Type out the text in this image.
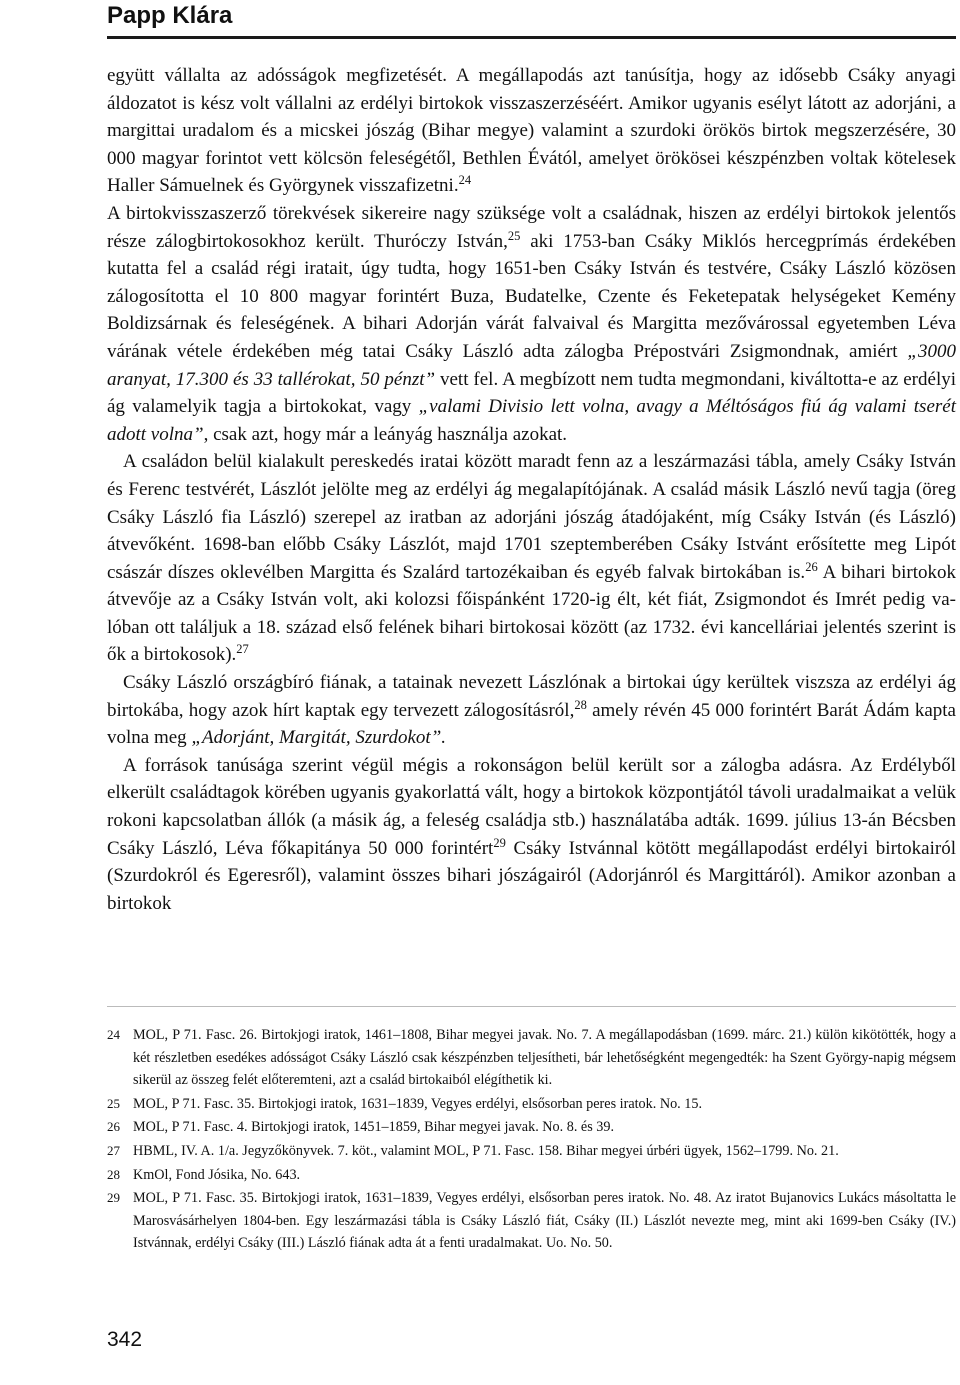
Papp Klára

együtt vállalta az adósságok megfizetését. A megállapodás azt tanúsítja, hogy az idősebb Csáky anyagi áldozatot is kész volt vállalni az erdélyi birtokok visszaszerzéséért. Amikor ugyanis esélyt látott az adorjáni, a margittai uradalom és a micskei jószág (Bihar megye) valamint a szurdoki örökös birtok megszerzésére, 30 000 magyar forintot vett kölcsön feleségétől, Bethlen Évától, amelyet örökösei készpénzben voltak kötelesek Haller Sámuelnek és Györgynek visszafizetni.$^{24}$

A birtokvisszaszerző törekvések sikereire nagy szüksége volt a családnak, hiszen az erdélyi birtokok jelentős része zálogbirtokosokhoz került. Thuróczy István,$^{25}$ aki 1753-ban Csáky Miklós hercegprímás érdekében kutatta fel a család régi iratait, úgy tudta, hogy 1651-ben Csáky István és testvére, Csáky László közösen zálogosította el 10 800 magyar forintért Buza, Budatelke, Czente és Feketepatak helységeket Kemény Boldizsárnak és feleségének. A bihari Adorján várát falvaival és Margitta mezővárossal egyetemben Léva várának vétele érdekében még tatai Csáky László adta zálogba Prépostvári Zsigmondnak, amiért „3000 aranyat, 17.300 és 33 tallérokat, 50 pénzt” vett fel. A megbízott nem tudta megmondani, kiváltotta-e az erdélyi ág valamelyik tagja a birtokokat, vagy „valami Divisio lett volna, avagy a Méltóságos fiú ág valami tserét adott volna”, csak azt, hogy már a leányág használja azokat.

A családon belül kialakult pereskedés iratai között maradt fenn az a leszármazási tábla, amely Csáky István és Ferenc testvérét, Lászlót jelölte meg az erdélyi ág megalapítójának. A család másik László nevű tagja (öreg Csáky László fia László) szerepel az iratban az adorjáni jószág átadójaként, míg Csáky István (és László) átvevőként. 1698-ban előbb Csáky Lászlót, majd 1701 szeptemberében Csáky Istvánt erősítette meg Lipót császár díszes oklevélben Margitta és Szalárd tartozékaiban és egyéb falvak birtokában is.$^{26}$ A bihari birtokok átvevője az a Csáky István volt, aki kolozsi főispánként 1720-ig élt, két fiát, Zsigmondot és Imrét pedig valóban ott találjuk a 18. század első felének bihari birtokosai között (az 1732. évi kancelláriai jelentés szerint is ők a birtokosok).$^{27}$

Csáky László országbíró fiának, a tatainak nevezett Lászlónak a birtokai úgy kerültek viszsza az erdélyi ág birtokába, hogy azok hírt kaptak egy tervezett zálogosításról,$^{28}$ amely révén 45 000 forintért Barát Ádám kapta volna meg „Adorjánt, Margitát, Szurdokot”.

A források tanúsága szerint végül mégis a rokonságon belül került sor a zálogba adásra. Az Erdélyből elkerült családtagok körében ugyanis gyakorlattá vált, hogy a birtokok központjától távoli uradalmaikat a velük rokoni kapcsolatban állók (a másik ág, a feleség családja stb.) használatába adták. 1699. július 13-án Bécsben Csáky László, Léva főkapitánya 50 000 forintért$^{29}$ Csáky Istvánnal kötött megállapodást erdélyi birtokairól (Szurdokról és Egeresről), valamint összes bihari jószágairól (Adorjánról és Margittáról). Amikor azonban a birtokok

24 MOL, P 71. Fasc. 26. Birtokjogi iratok, 1461–1808, Bihar megyei javak. No. 7. A megállapodásban (1699. márc. 21.) külön kikötötték, hogy a két részletben esedékes adósságot Csáky László csak készpénzben teljesítheti, bár lehetőségként megengedték: ha Szent György-napig mégsem sikerül az összeg felét előteremteni, azt a család birtokaiból elégíthetik ki.
25 MOL, P 71. Fasc. 35. Birtokjogi iratok, 1631–1839, Vegyes erdélyi, elsősorban peres iratok. No. 15.
26 MOL, P 71. Fasc. 4. Birtokjogi iratok, 1451–1859, Bihar megyei javak. No. 8. és 39.
27 HBML, IV. A. 1/a. Jegyzőkönyvek. 7. köt., valamint MOL, P 71. Fasc. 158. Bihar megyei úrbéri ügyek, 1562–1799. No. 21.
28 KmOl, Fond Jósika, No. 643.
29 MOL, P 71. Fasc. 35. Birtokjogi iratok, 1631–1839, Vegyes erdélyi, elsősorban peres iratok. No. 48. Az iratot Bujanovics Lukács másoltatta le Marosvásárhelyen 1804-ben. Egy leszármazási tábla is Csáky László fiát, Csáky (II.) Lászlót nevezte meg, mint aki 1699-ben Csáky (IV.) Istvánnak, erdélyi Csáky (III.) László fiának adta át a fenti uradalmakat. Uo. No. 50.
342
